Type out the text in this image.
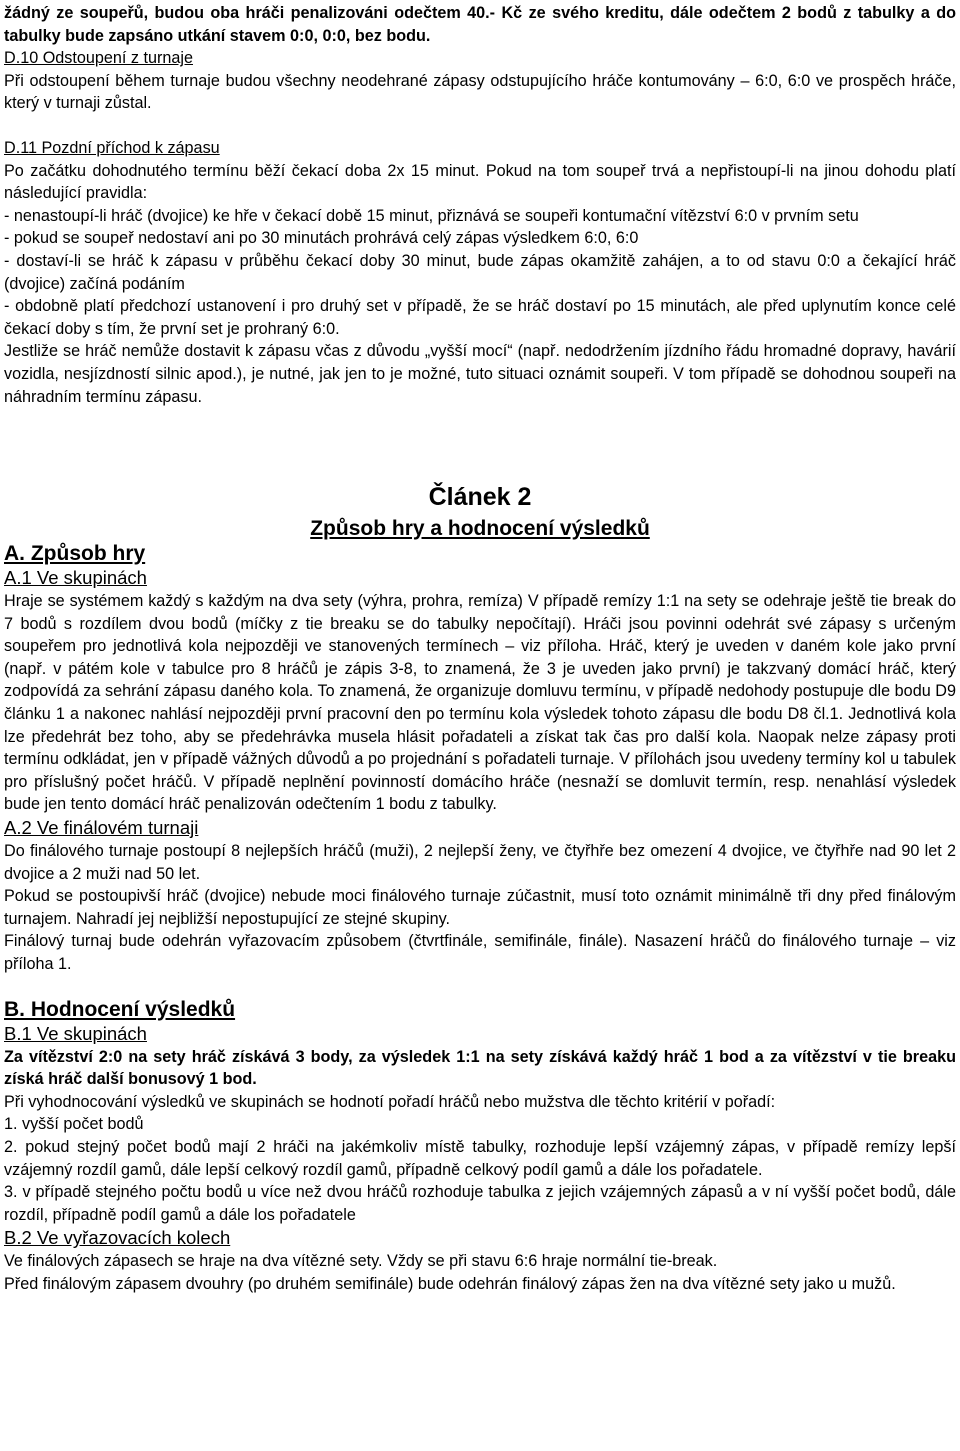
žádný ze soupeřů, budou oba hráči penalizováni odečtem 40.- Kč ze svého kreditu, dále odečtem 2 bodů z tabulky a do tabulky bude zapsáno utkání stavem 0:0, 0:0, bez bodu.

D.10 Odstoupení z turnaje

Při odstoupení během turnaje budou všechny neodehrané zápasy odstupujícího hráče kontumovány – 6:0, 6:0 ve prospěch hráče, který v turnaji zůstal.

D.11 Pozdní příchod k zápasu

Po začátku dohodnutého termínu běží čekací doba 2x 15 minut. Pokud na tom soupeř trvá a nepřistoupí-li na jinou dohodu platí následující pravidla:

- nenastoupí-li hráč (dvojice) ke hře v čekací době 15 minut, přiznává se soupeři kontumační vítězství 6:0 v prvním setu

- pokud se soupeř nedostaví ani po 30 minutách prohrává celý zápas výsledkem 6:0, 6:0

- dostaví-li se hráč k zápasu v průběhu čekací doby 30 minut, bude zápas okamžitě zahájen, a to od stavu 0:0 a čekající hráč (dvojice) začíná podáním

- obdobně platí předchozí ustanovení i pro druhý set v případě, že se hráč dostaví po 15 minutách, ale před uplynutím konce celé čekací doby s tím, že první set je prohraný 6:0.

Jestliže se hráč nemůže dostavit k zápasu včas z důvodu „vyšší mocí“ (např. nedodržením jízdního řádu hromadné dopravy, havárií vozidla, nesjízdností silnic apod.), je nutné, jak jen to je možné, tuto situaci oznámit soupeři. V tom případě se dohodnou soupeři na náhradním termínu zápasu.

Článek 2

Způsob hry a hodnocení výsledků

A. Způsob hry

A.1 Ve skupinách

Hraje se systémem každý s každým na dva sety (výhra, prohra, remíza) V případě remízy 1:1 na sety se odehraje ještě tie break do 7 bodů s rozdílem dvou bodů (míčky z tie breaku se do tabulky nepočítají). Hráči jsou povinni odehrát své zápasy s určeným soupeřem pro jednotlivá kola nejpozději ve stanovených termínech – viz příloha. Hráč, který je uveden v daném kole jako první (např. v pátém kole v tabulce pro 8 hráčů je zápis 3-8, to znamená, že 3 je uveden jako první) je takzvaný domácí hráč, který zodpovídá za sehrání zápasu daného kola. To znamená, že organizuje domluvu termínu, v případě nedohody postupuje dle bodu D9 článku 1 a nakonec nahlásí nejpozději první pracovní den po termínu kola výsledek tohoto zápasu dle bodu D8 čl.1. Jednotlivá kola lze předehrát bez toho, aby se předehrávka musela hlásit pořadateli a získat tak čas pro další kola. Naopak nelze zápasy proti termínu odkládat, jen v případě vážných důvodů a po projednání s pořadateli turnaje. V přílohách jsou uvedeny termíny kol u tabulek pro příslušný počet hráčů. V případě neplnění povinností domácího hráče (nesnaží se domluvit termín, resp. nenahlásí výsledek bude jen tento domácí hráč penalizován odečtením 1 bodu z tabulky.

A.2 Ve finálovém turnaji

Do finálového turnaje postoupí 8 nejlepších hráčů (muži), 2 nejlepší ženy, ve čtyřhře bez omezení 4 dvojice, ve čtyřhře nad 90 let 2 dvojice a 2 muži nad 50 let.

Pokud se postoupivší hráč (dvojice) nebude moci finálového turnaje zúčastnit, musí toto oznámit minimálně tři dny před finálovým turnajem. Nahradí jej nejbližší nepostupující ze stejné skupiny.

Finálový turnaj bude odehrán vyřazovacím způsobem (čtvrtfinále, semifinále, finále). Nasazení hráčů do finálového turnaje – viz příloha 1.

B. Hodnocení výsledků

B.1 Ve skupinách

Za vítězství 2:0 na sety hráč získává 3 body, za výsledek 1:1 na sety získává každý hráč 1 bod a za vítězství v tie breaku získá hráč další bonusový 1 bod.

Při vyhodnocování výsledků ve skupinách se hodnotí pořadí hráčů nebo mužstva dle těchto kritérií v pořadí:

1. vyšší počet bodů

2. pokud stejný počet bodů mají 2 hráči na jakémkoliv místě tabulky, rozhoduje lepší vzájemný zápas, v případě remízy lepší vzájemný rozdíl gamů, dále lepší celkový rozdíl gamů, případně celkový podíl gamů a dále los pořadatele.

3. v případě stejného počtu bodů u více než dvou hráčů rozhoduje tabulka z jejich vzájemných zápasů a v ní vyšší počet bodů, dále rozdíl, případně podíl gamů a dále los pořadatele

B.2 Ve vyřazovacích kolech

Ve finálových zápasech se hraje na dva vítězné sety. Vždy se při stavu 6:6 hraje normální tie-break.

Před finálovým zápasem dvouhry (po druhém semifinále) bude odehrán finálový zápas žen na dva vítězné sety jako u mužů.
